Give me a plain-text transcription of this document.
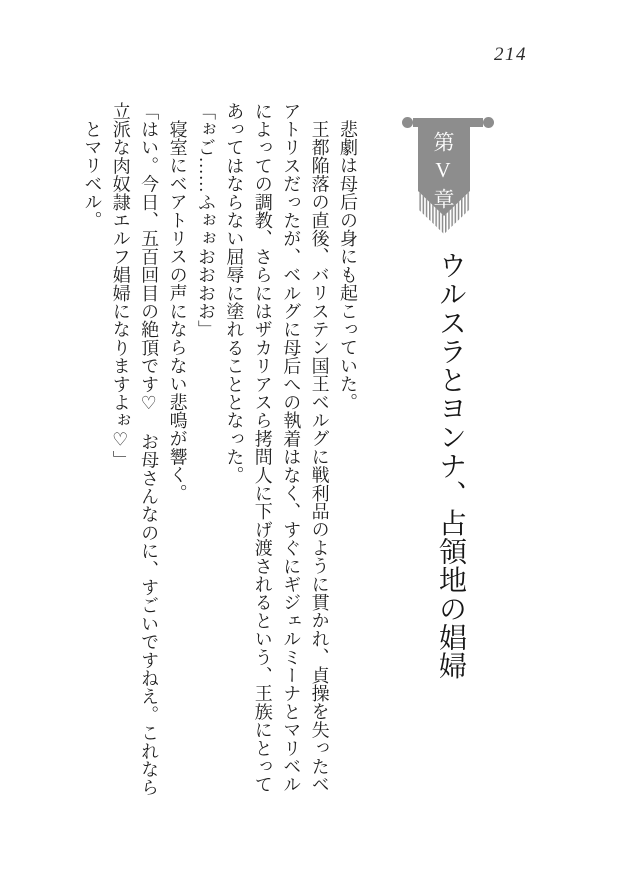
214
第V章
ウルスラとヨンナ、占領地の娼婦
悲劇は母后の身にも起こっていた。
王都陥落の直後、バリステン国王ベルグに戦利品のように貫かれ、貞操を失ったベ
アトリスだったが、ベルグに母后への執着はなく、すぐにギジェルミーナとマリベル
によっての調教、さらにはザカリアスら拷問人に下げ渡されるという、王族にとって
あってはならない屈辱に塗れることとなった。
「ぉご……ふぉぉおおおお」
寝室にベアトリスの声にならない悲鳴が響く。
「はい。今日、五百回目の絶頂です♡　お母さんなのに、すごいですねえ。これなら
立派な肉奴隷エルフ娼婦になりますよぉ♡」
とマリベル。
